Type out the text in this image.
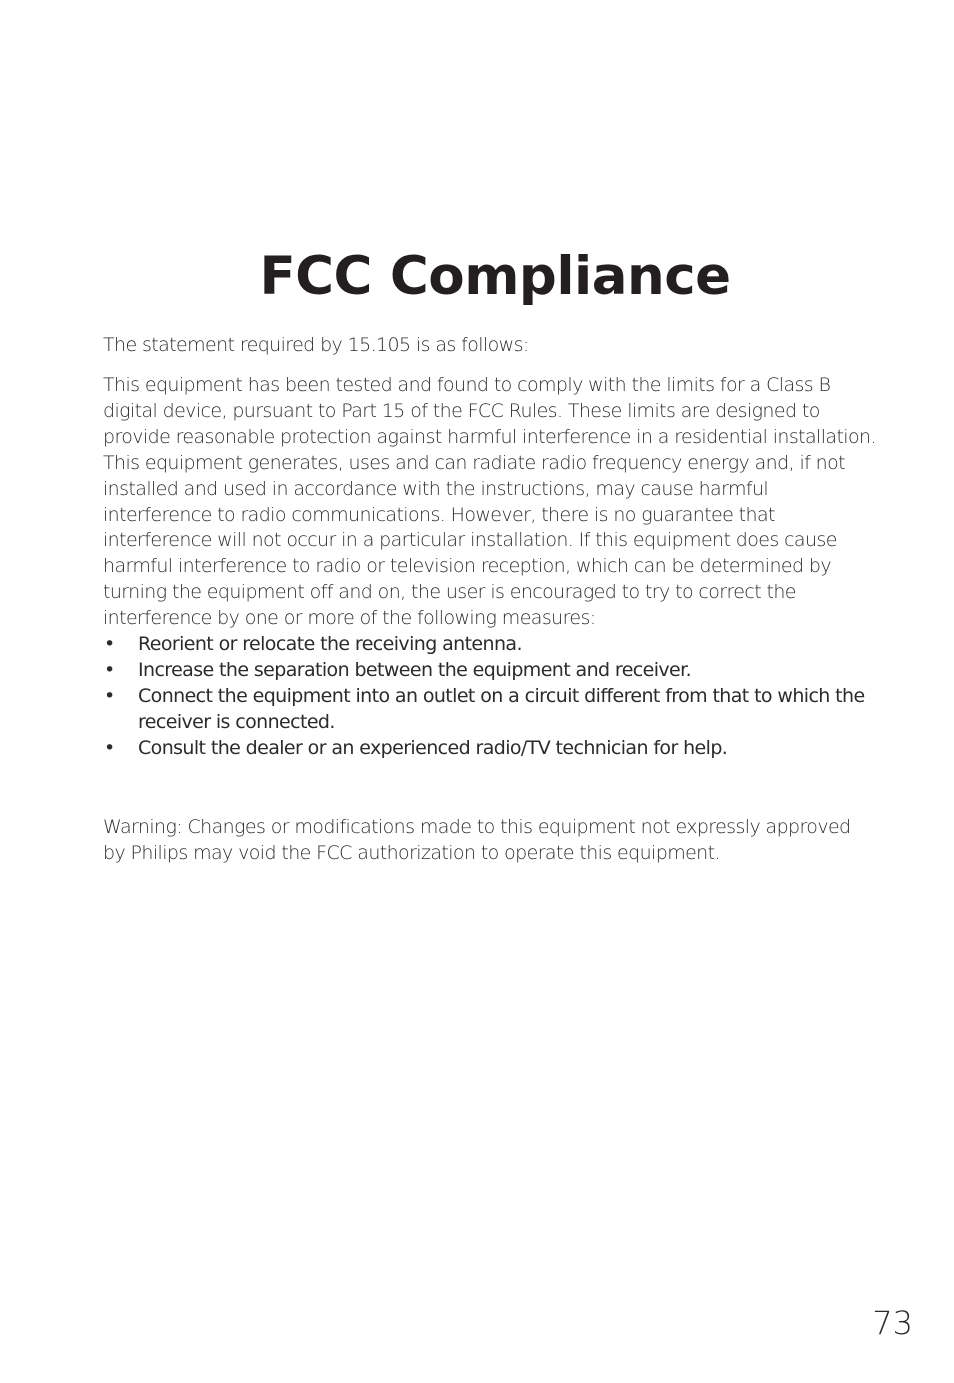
FCC Compliance

The statement required by 15.105 is as follows:

This equipment has been tested and found to comply with the limits for a Class B digital device, pursuant to Part 15 of the FCC Rules. These limits are designed to provide reasonable protection against harmful interference in a residential installation. This equipment generates, uses and can radiate radio frequency energy and, if not installed and used in accordance with the instructions, may cause harmful interference to radio communications. However, there is no guarantee that interference will not occur in a particular installation. If this equipment does cause harmful interference to radio or television reception, which can be determined by turning the equipment off and on, the user is encouraged to try to correct the interference by one or more of the following measures:

• Reorient or relocate the receiving antenna.
• Increase the separation between the equipment and receiver.
• Connect the equipment into an outlet on a circuit different from that to which the receiver is connected.
• Consult the dealer or an experienced radio/TV technician for help.

Warning: Changes or modifications made to this equipment not expressly approved by Philips may void the FCC authorization to operate this equipment.

73
